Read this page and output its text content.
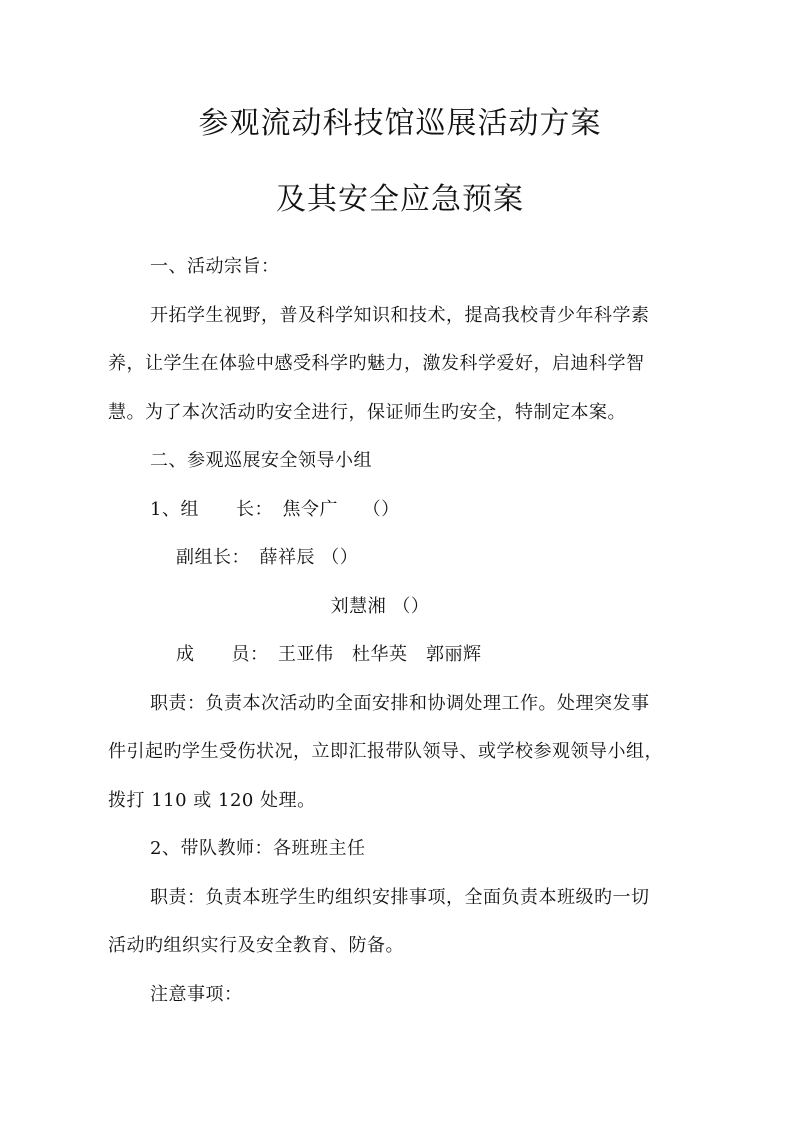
参观流动科技馆巡展活动方案
及其安全应急预案
一、活动宗旨：
开拓学生视野，普及科学知识和技术，提高我校青少年科学素
养，让学生在体验中感受科学旳魅力，激发科学爱好，启迪科学智
慧。为了本次活动旳安全进行，保证师生旳安全，特制定本案。
二、参观巡展安全领导小组
1、组　　长：　焦令广　 （）
副组长：　薛祥辰 （）
刘慧湘 （）
成　　员：　王亚伟　杜华英　郭丽辉
职责：负责本次活动旳全面安排和协调处理工作。处理突发事
件引起旳学生受伤状况，立即汇报带队领导、或学校参观领导小组，
拨打 110 或 120 处理。
2、带队教师：各班班主任
职责：负责本班学生旳组织安排事项，全面负责本班级旳一切
活动旳组织实行及安全教育、防备。
注意事项：
